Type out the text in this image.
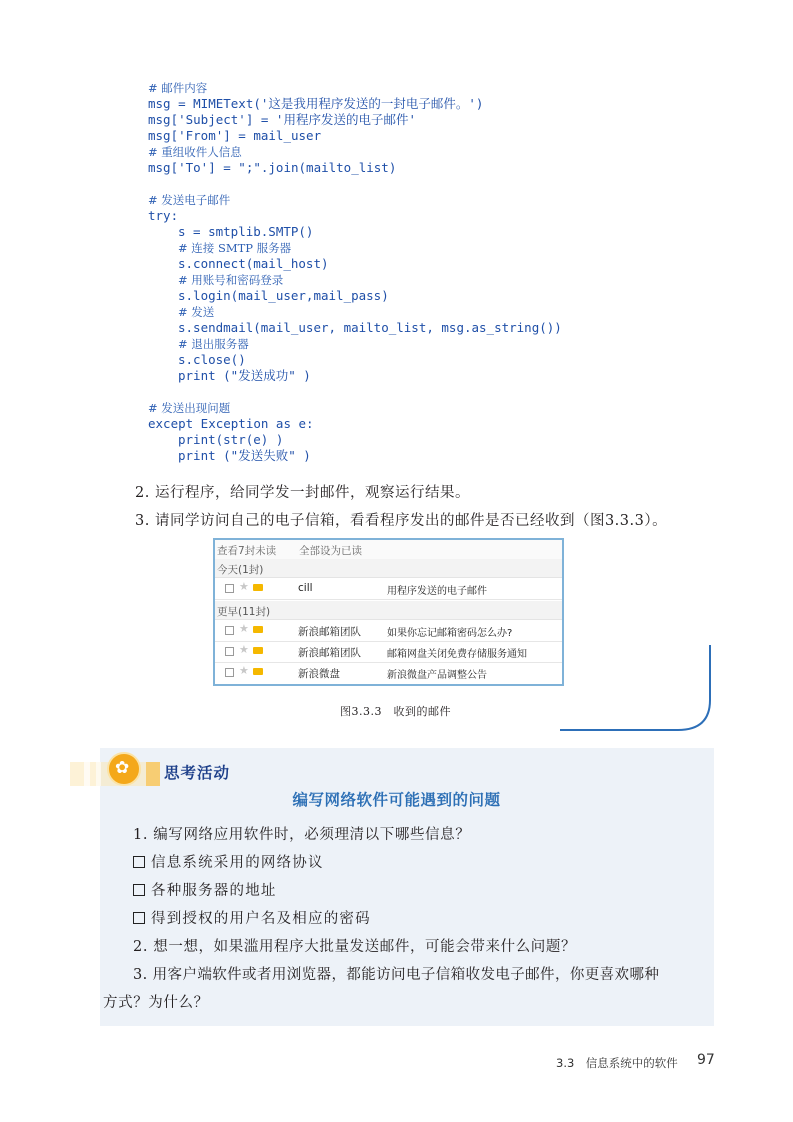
# 邮件内容
msg = MIMEText('这是我用程序发送的一封电子邮件。')
msg['Subject'] = '用程序发送的电子邮件'
msg['From'] = mail_user
# 重组收件人信息
msg['To'] = ";".join(mailto_list)
# 发送电子邮件
try:
s = smtplib.SMTP()
# 连接 SMTP 服务器
s.connect(mail_host)
# 用账号和密码登录
s.login(mail_user,mail_pass)
# 发送
s.sendmail(mail_user, mailto_list, msg.as_string())
# 退出服务器
s.close()
print ("发送成功" )
# 发送出现问题
except Exception as e:
print(str(e) )
print ("发送失败" )
2. 运行程序，给同学发一封邮件，观察运行结果。
3. 请同学访问自己的电子信箱，看看程序发出的邮件是否已经收到（图3.3.3）。
查看7封未读 全部设为已读
今天(1封)
★	cill	用程序发送的电子邮件
更早(11封)
★	新浪邮箱团队	如果你忘记邮箱密码怎么办?
★	新浪邮箱团队	邮箱网盘关闭免费存储服务通知
★	新浪微盘	新浪微盘产品调整公告
图3.3.3　收到的邮件
✿ 思考活动
编写网络软件可能遇到的问题
1. 编写网络应用软件时，必须理清以下哪些信息？
信息系统采用的网络协议
各种服务器的地址
得到授权的用户名及相应的密码
2. 想一想，如果滥用程序大批量发送邮件，可能会带来什么问题？
3. 用客户端软件或者用浏览器，都能访问电子信箱收发电子邮件，你更喜欢哪种
方式？为什么？
3.3　信息系统中的软件 97
